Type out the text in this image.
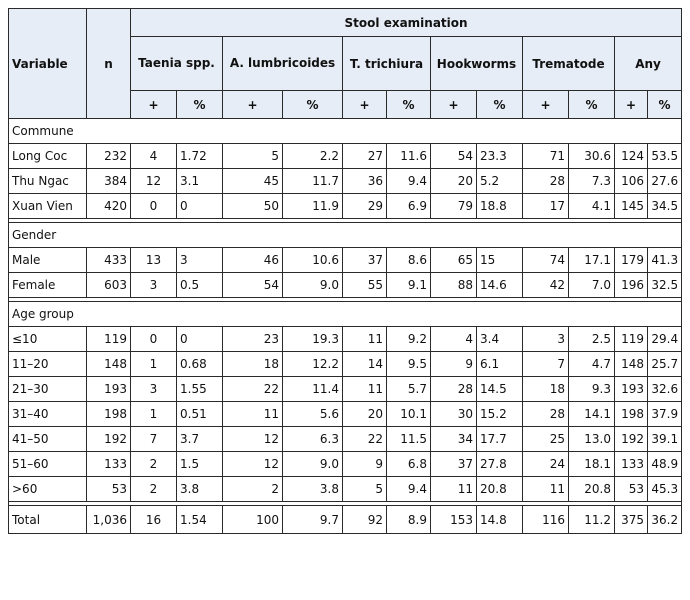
Variable	n	Stool examination											
		Taenia spp.		A. lumbricoides		T. trichiura		Hookworms		Trematode		Any	
		+	%	+	%	+	%	+	%	+	%	+	%
Commune													
Long Coc	232	4	1.72	5	2.2	27	11.6	54	23.3	71	30.6	124	53.5
Thu Ngac	384	12	3.1	45	11.7	36	9.4	20	5.2	28	7.3	106	27.6
Xuan Vien	420	0	0	50	11.9	29	6.9	79	18.8	17	4.1	145	34.5

Gender													
Male	433	13	3	46	10.6	37	8.6	65	15	74	17.1	179	41.3
Female	603	3	0.5	54	9.0	55	9.1	88	14.6	42	7.0	196	32.5

Age group													
≤10	119	0	0	23	19.3	11	9.2	4	3.4	3	2.5	119	29.4
11–20	148	1	0.68	18	12.2	14	9.5	9	6.1	7	4.7	148	25.7
21–30	193	3	1.55	22	11.4	11	5.7	28	14.5	18	9.3	193	32.6
31–40	198	1	0.51	11	5.6	20	10.1	30	15.2	28	14.1	198	37.9
41–50	192	7	3.7	12	6.3	22	11.5	34	17.7	25	13.0	192	39.1
51–60	133	2	1.5	12	9.0	9	6.8	37	27.8	24	18.1	133	48.9
>60	53	2	3.8	2	3.8	5	9.4	11	20.8	11	20.8	53	45.3

Total	1,036	16	1.54	100	9.7	92	8.9	153	14.8	116	11.2	375	36.2
